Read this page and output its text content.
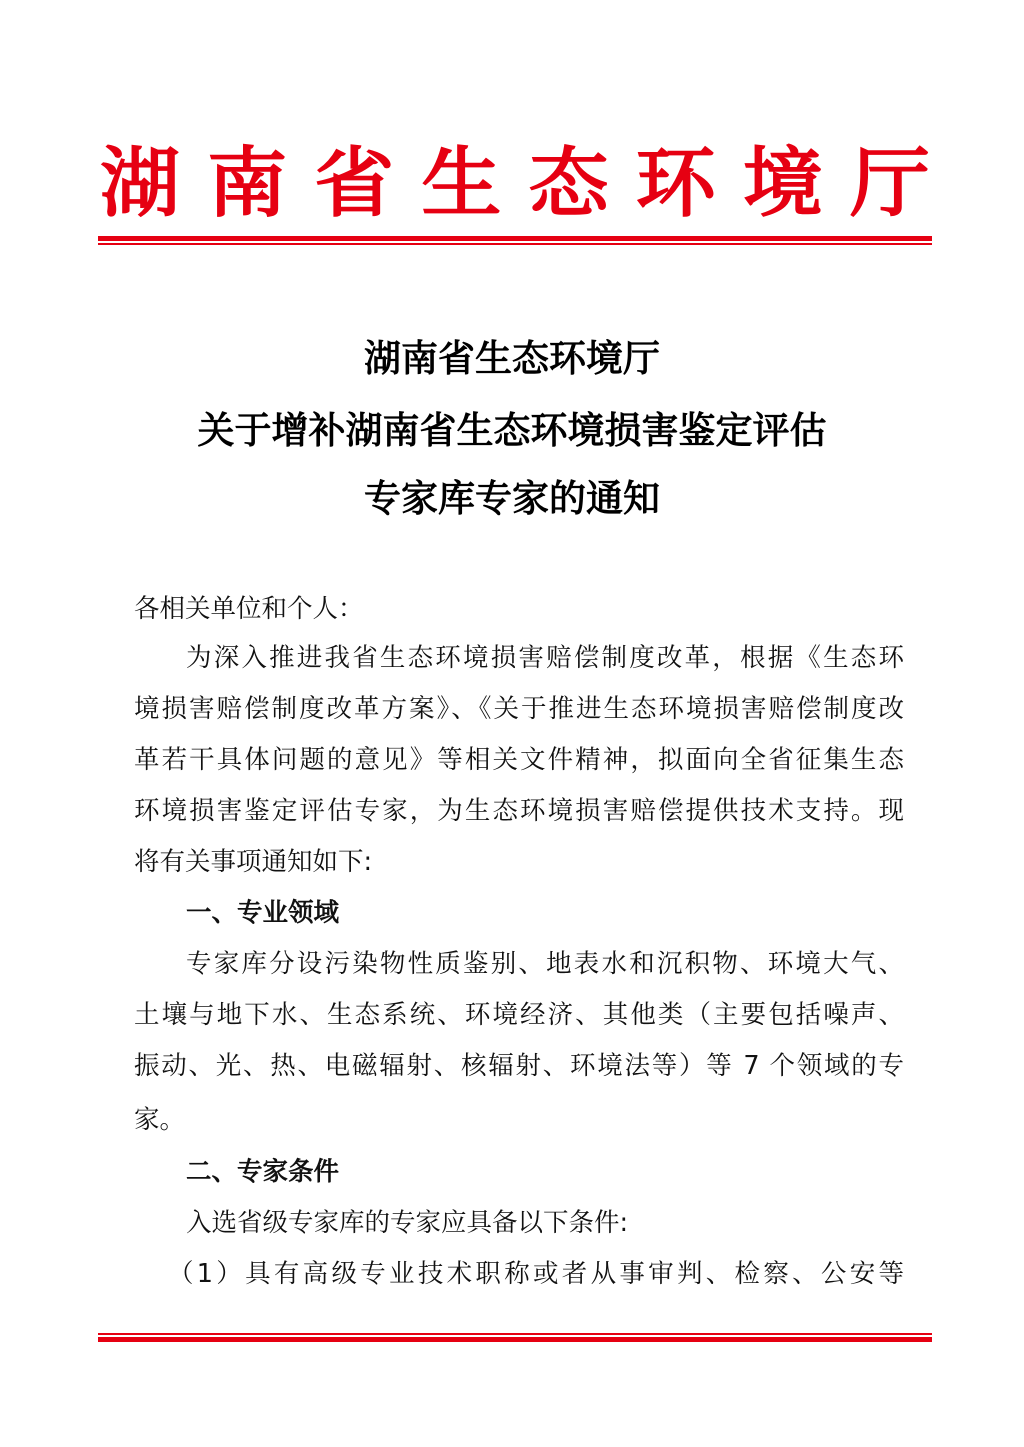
湖 南 省 生 态 环 境 厅
湖南省生态环境厅
关于增补湖南省生态环境损害鉴定评估
专家库专家的通知
各相关单位和个人：
为深入推进我省生态环境损害赔偿制度改革，根据《生态环
境损害赔偿制度改革方案》、《关于推进生态环境损害赔偿制度改
革若干具体问题的意见》等相关文件精神，拟面向全省征集生态
环境损害鉴定评估专家，为生态环境损害赔偿提供技术支持。现
将有关事项通知如下:
一、专业领域
专家库分设污染物性质鉴别、地表水和沉积物、环境大气、
土壤与地下水、生态系统、环境经济、其他类（主要包括噪声、
振动、光、热、电磁辐射、核辐射、环境法等）等 7 个领域的专
家。
二、专家条件
入选省级专家库的专家应具备以下条件:
（1）具有高级专业技术职称或者从事审判、检察、公安等
